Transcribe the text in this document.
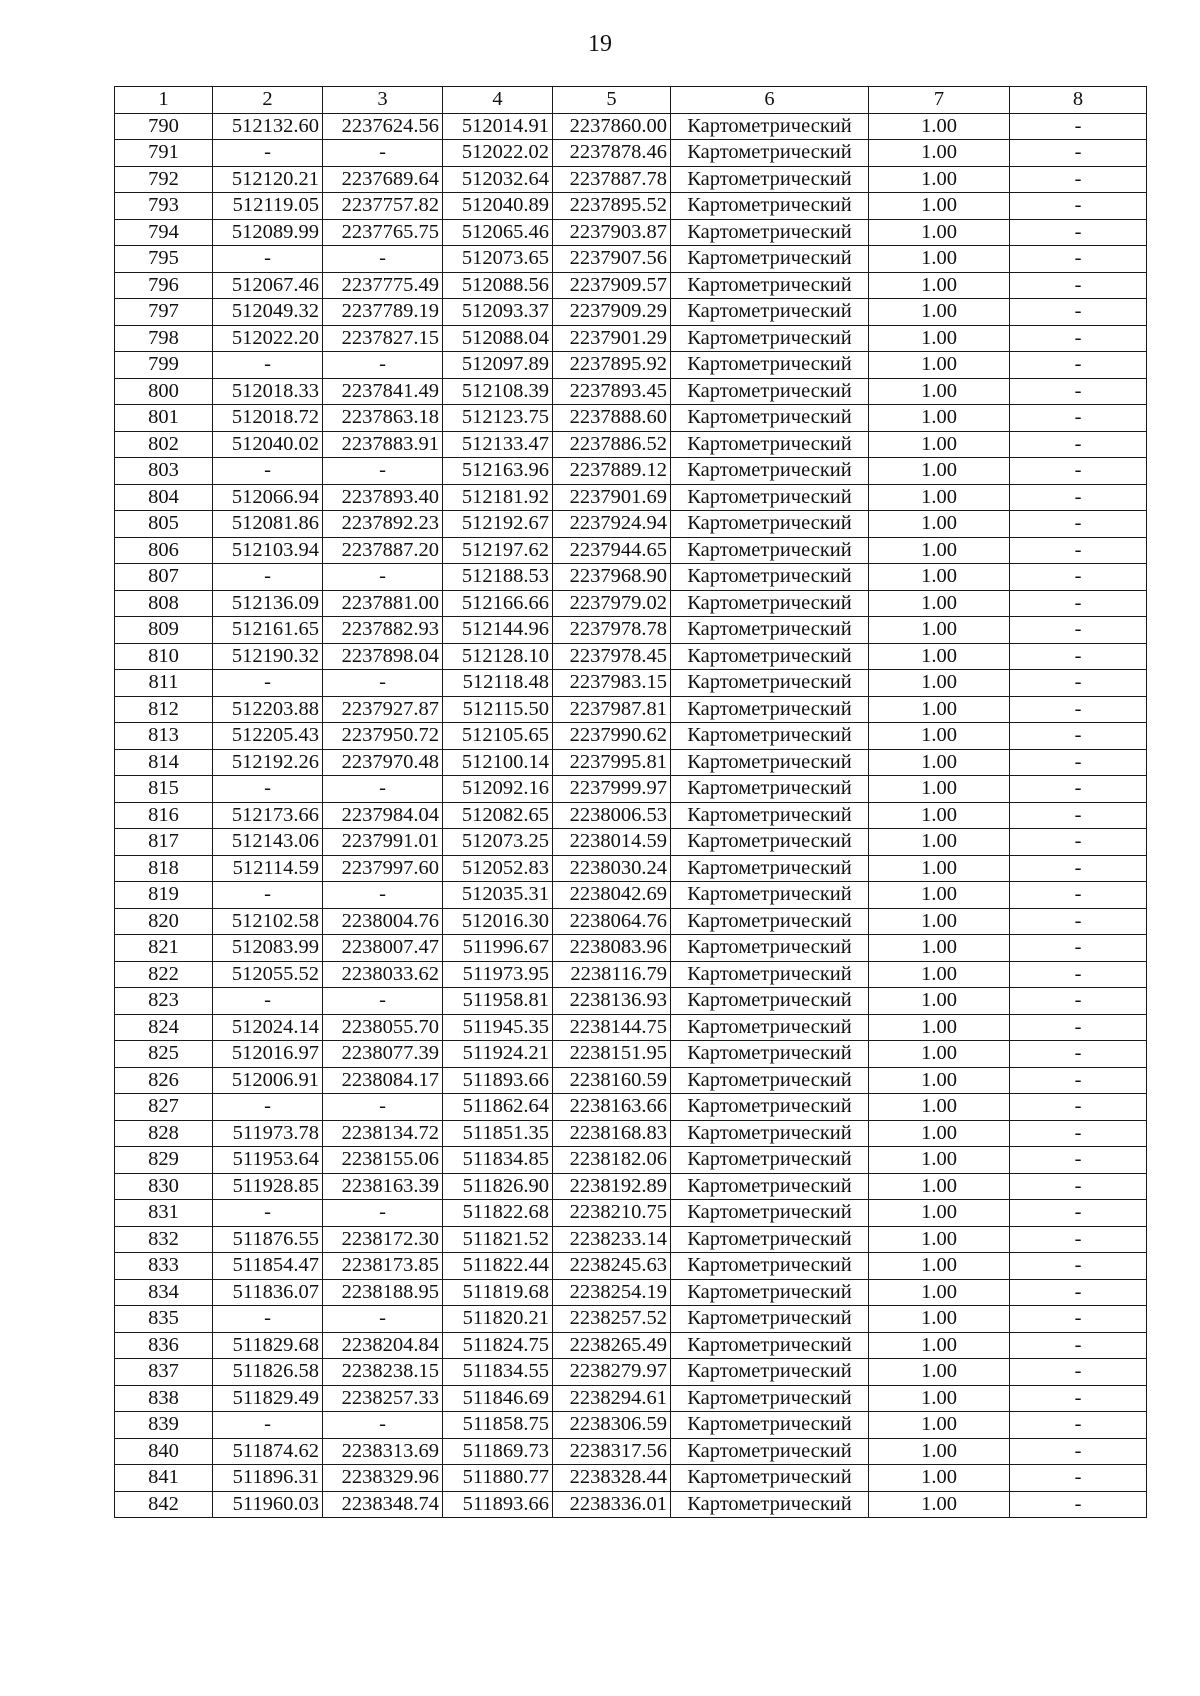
19
1	2	3	4	5	6	7	8
790	512132.60	2237624.56	512014.91	2237860.00	Картометрический	1.00	-
791	-	-	512022.02	2237878.46	Картометрический	1.00	-
792	512120.21	2237689.64	512032.64	2237887.78	Картометрический	1.00	-
793	512119.05	2237757.82	512040.89	2237895.52	Картометрический	1.00	-
794	512089.99	2237765.75	512065.46	2237903.87	Картометрический	1.00	-
795	-	-	512073.65	2237907.56	Картометрический	1.00	-
796	512067.46	2237775.49	512088.56	2237909.57	Картометрический	1.00	-
797	512049.32	2237789.19	512093.37	2237909.29	Картометрический	1.00	-
798	512022.20	2237827.15	512088.04	2237901.29	Картометрический	1.00	-
799	-	-	512097.89	2237895.92	Картометрический	1.00	-
800	512018.33	2237841.49	512108.39	2237893.45	Картометрический	1.00	-
801	512018.72	2237863.18	512123.75	2237888.60	Картометрический	1.00	-
802	512040.02	2237883.91	512133.47	2237886.52	Картометрический	1.00	-
803	-	-	512163.96	2237889.12	Картометрический	1.00	-
804	512066.94	2237893.40	512181.92	2237901.69	Картометрический	1.00	-
805	512081.86	2237892.23	512192.67	2237924.94	Картометрический	1.00	-
806	512103.94	2237887.20	512197.62	2237944.65	Картометрический	1.00	-
807	-	-	512188.53	2237968.90	Картометрический	1.00	-
808	512136.09	2237881.00	512166.66	2237979.02	Картометрический	1.00	-
809	512161.65	2237882.93	512144.96	2237978.78	Картометрический	1.00	-
810	512190.32	2237898.04	512128.10	2237978.45	Картометрический	1.00	-
811	-	-	512118.48	2237983.15	Картометрический	1.00	-
812	512203.88	2237927.87	512115.50	2237987.81	Картометрический	1.00	-
813	512205.43	2237950.72	512105.65	2237990.62	Картометрический	1.00	-
814	512192.26	2237970.48	512100.14	2237995.81	Картометрический	1.00	-
815	-	-	512092.16	2237999.97	Картометрический	1.00	-
816	512173.66	2237984.04	512082.65	2238006.53	Картометрический	1.00	-
817	512143.06	2237991.01	512073.25	2238014.59	Картометрический	1.00	-
818	512114.59	2237997.60	512052.83	2238030.24	Картометрический	1.00	-
819	-	-	512035.31	2238042.69	Картометрический	1.00	-
820	512102.58	2238004.76	512016.30	2238064.76	Картометрический	1.00	-
821	512083.99	2238007.47	511996.67	2238083.96	Картометрический	1.00	-
822	512055.52	2238033.62	511973.95	2238116.79	Картометрический	1.00	-
823	-	-	511958.81	2238136.93	Картометрический	1.00	-
824	512024.14	2238055.70	511945.35	2238144.75	Картометрический	1.00	-
825	512016.97	2238077.39	511924.21	2238151.95	Картометрический	1.00	-
826	512006.91	2238084.17	511893.66	2238160.59	Картометрический	1.00	-
827	-	-	511862.64	2238163.66	Картометрический	1.00	-
828	511973.78	2238134.72	511851.35	2238168.83	Картометрический	1.00	-
829	511953.64	2238155.06	511834.85	2238182.06	Картометрический	1.00	-
830	511928.85	2238163.39	511826.90	2238192.89	Картометрический	1.00	-
831	-	-	511822.68	2238210.75	Картометрический	1.00	-
832	511876.55	2238172.30	511821.52	2238233.14	Картометрический	1.00	-
833	511854.47	2238173.85	511822.44	2238245.63	Картометрический	1.00	-
834	511836.07	2238188.95	511819.68	2238254.19	Картометрический	1.00	-
835	-	-	511820.21	2238257.52	Картометрический	1.00	-
836	511829.68	2238204.84	511824.75	2238265.49	Картометрический	1.00	-
837	511826.58	2238238.15	511834.55	2238279.97	Картометрический	1.00	-
838	511829.49	2238257.33	511846.69	2238294.61	Картометрический	1.00	-
839	-	-	511858.75	2238306.59	Картометрический	1.00	-
840	511874.62	2238313.69	511869.73	2238317.56	Картометрический	1.00	-
841	511896.31	2238329.96	511880.77	2238328.44	Картометрический	1.00	-
842	511960.03	2238348.74	511893.66	2238336.01	Картометрический	1.00	-
